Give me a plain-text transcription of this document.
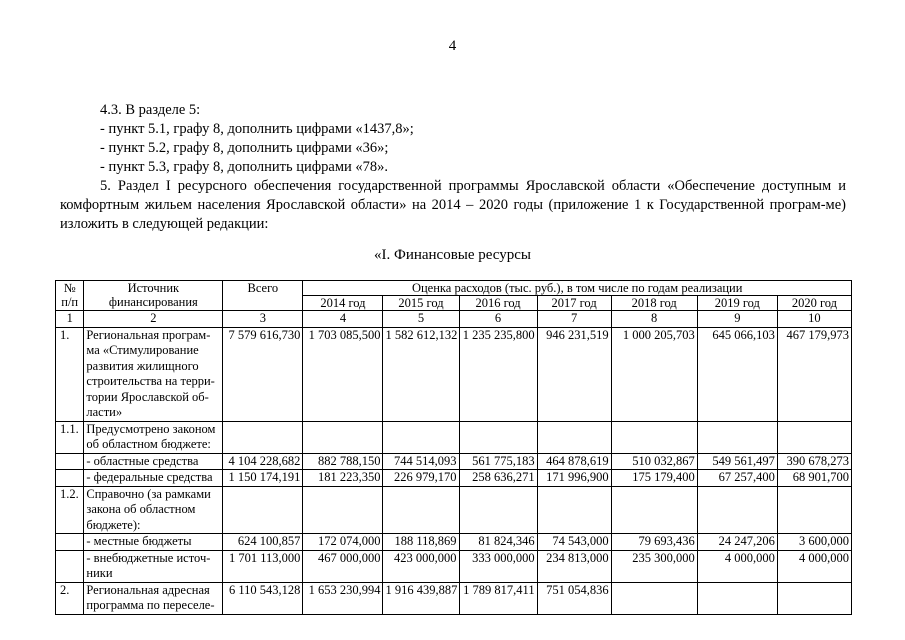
4
4.3. В разделе 5:
- пункт 5.1, графу 8, дополнить цифрами «1437,8»;
- пункт 5.2, графу 8, дополнить цифрами «36»;
- пункт 5.3, графу 8, дополнить цифрами «78».
5. Раздел I ресурсного обеспечения государственной программы Ярославской области «Обеспечение доступным и комфортным жильем населения Ярославской области» на 2014 – 2020 годы (приложение 1 к Государственной програм-ме) изложить в следующей редакции:
«I. Финансовые ресурсы
№ п/п	Источник финансирования	Всего	Оценка расходов (тыс. руб.), в том числе по годам реализации						
			2014 год	2015 год	2016 год	2017 год	2018 год	2019 год	2020 год
1	2	3	4	5	6	7	8	9	10
1.	Региональная програм-ма «Стимулирование развития жилищного строительства на терри-тории Ярославской об-ласти»	7 579 616,730	1 703 085,500	1 582 612,132	1 235 235,800	946 231,519	1 000 205,703	645 066,103	467 179,973
1.1.	Предусмотрено законом об областном бюджете:								
	- областные средства	4 104 228,682	882 788,150	744 514,093	561 775,183	464 878,619	510 032,867	549 561,497	390 678,273
	- федеральные средства	1 150 174,191	181 223,350	226 979,170	258 636,271	171 996,900	175 179,400	67 257,400	68 901,700
1.2.	Справочно (за рамками закона об областном бюджете):								
	- местные бюджеты	624 100,857	172 074,000	188 118,869	81 824,346	74 543,000	79 693,436	24 247,206	3 600,000
	- внебюджетные источ-ники	1 701 113,000	467 000,000	423 000,000	333 000,000	234 813,000	235 300,000	4 000,000	4 000,000
2.	Региональная адресная программа по переселе-	6 110 543,128	1 653 230,994	1 916 439,887	1 789 817,411	751 054,836			
